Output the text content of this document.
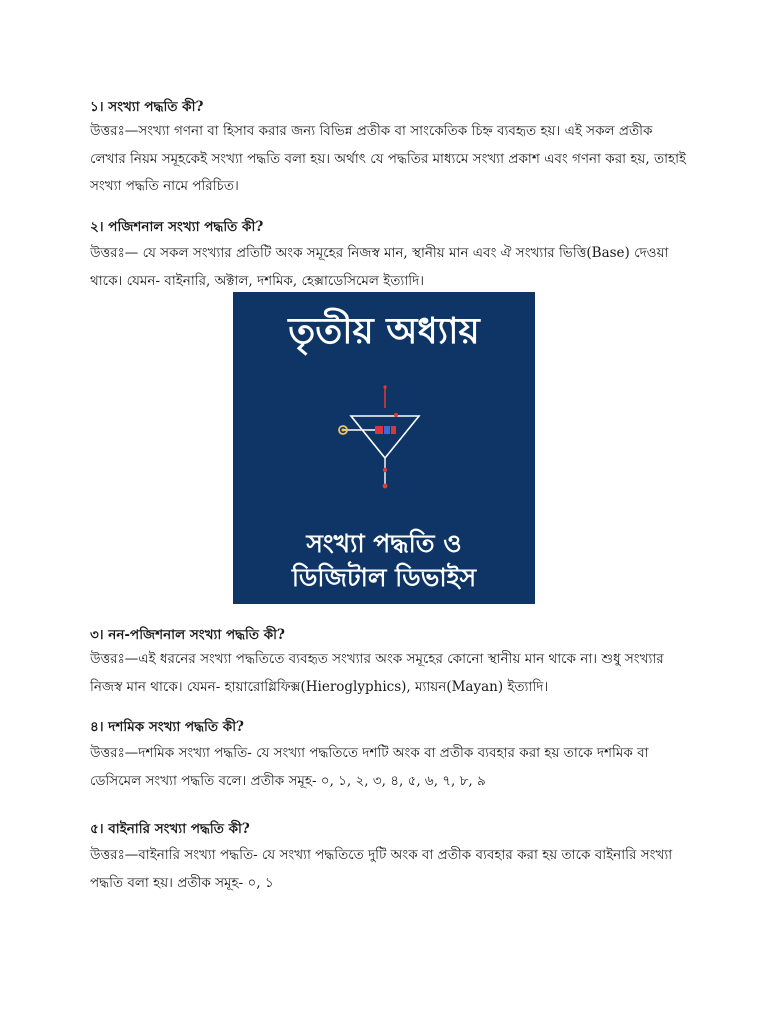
১। সংখ্যা পদ্ধতি কী?

উত্তরঃ—সংখ্যা গণনা বা হিসাব করার জন্য বিভিন্ন প্রতীক বা সাংকেতিক চিহ্ন ব্যবহৃত হয়। এই সকল প্রতীক লেখার নিয়ম সমূহকেই সংখ্যা পদ্ধতি বলা হয়। অর্থাৎ যে পদ্ধতির মাধ্যমে সংখ্যা প্রকাশ এবং গণনা করা হয়, তাহাই সংখ্যা পদ্ধতি নামে পরিচিত।

২। পজিশনাল সংখ্যা পদ্ধতি কী?

উত্তরঃ— যে সকল সংখ্যার প্রতিটি অংক সমূহের নিজস্ব মান, স্থানীয় মান এবং ঐ সংখ্যার ভিত্তি(Base) দেওয়া থাকে। যেমন- বাইনারি, অক্টাল, দশমিক, হেক্সাডেসিমেল ইত্যাদি।

তৃতীয় অধ্যায়

সংখ্যা পদ্ধতি ও

ডিজিটাল ডিভাইস

৩। নন-পজিশনাল সংখ্যা পদ্ধতি কী?

উত্তরঃ—এই ধরনের সংখ্যা পদ্ধতিতে ব্যবহৃত সংখ্যার অংক সমূহের কোনো স্থানীয় মান থাকে না। শুধু সংখ্যার নিজস্ব মান থাকে। যেমন- হায়ারোগ্লিফিক্স(Hieroglyphics), ম্যায়ন(Mayan) ইত্যাদি।

৪। দশমিক সংখ্যা পদ্ধতি কী?

উত্তরঃ—দশমিক সংখ্যা পদ্ধতি- যে সংখ্যা পদ্ধতিতে দশটি অংক বা প্রতীক ব্যবহার করা হয় তাকে দশমিক বা ডেসিমেল সংখ্যা পদ্ধতি বলে। প্রতীক সমূহ- ০, ১, ২, ৩, ৪, ৫, ৬, ৭, ৮, ৯

৫। বাইনারি সংখ্যা পদ্ধতি কী?

উত্তরঃ—বাইনারি সংখ্যা পদ্ধতি- যে সংখ্যা পদ্ধতিতে দুটি অংক বা প্রতীক ব্যবহার করা হয় তাকে বাইনারি সংখ্যা পদ্ধতি বলা হয়। প্রতীক সমূহ- ০, ১
